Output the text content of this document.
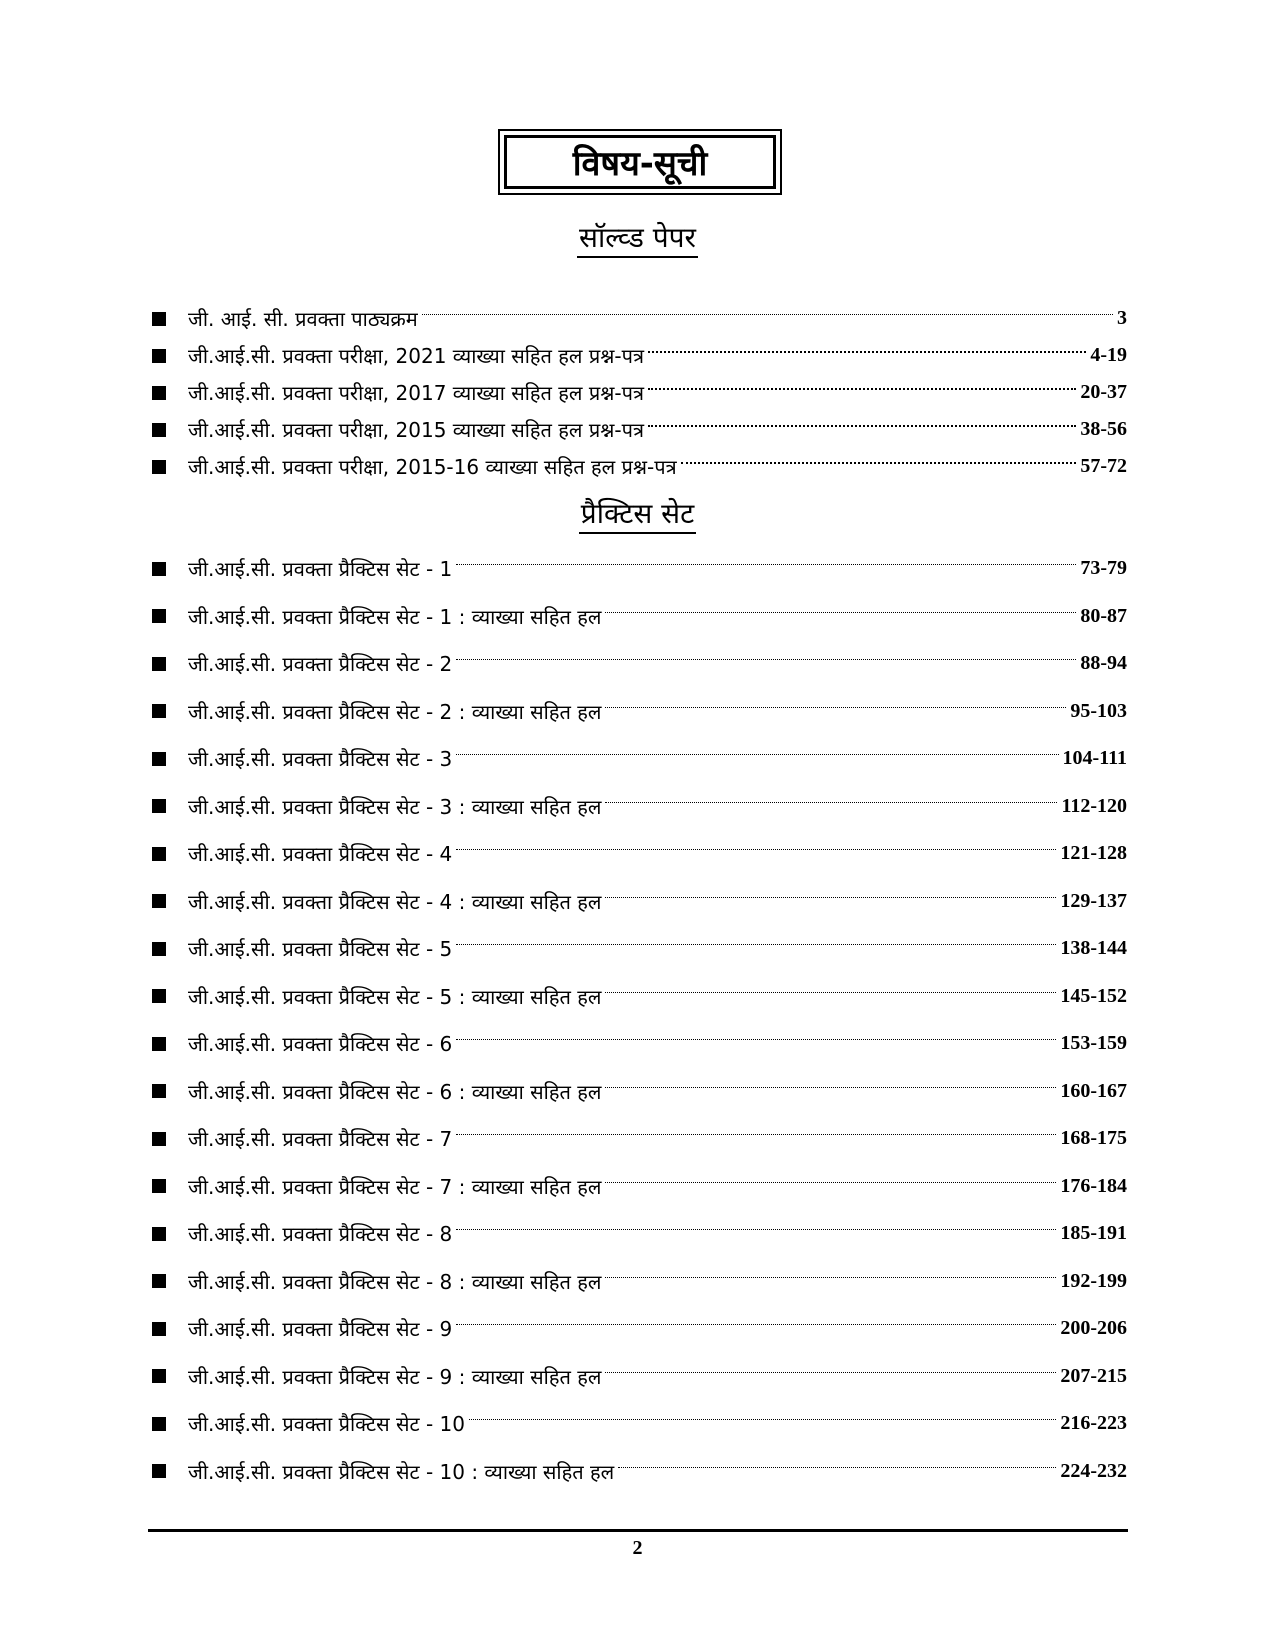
विषय-सूची
सॉल्व्ड पेपर
जी. आई. सी. प्रवक्ता पाठ्यक्रम	3
जी.आई.सी. प्रवक्ता परीक्षा, 2021 व्याख्या सहित हल प्रश्न-पत्र	4-19
जी.आई.सी. प्रवक्ता परीक्षा, 2017 व्याख्या सहित हल प्रश्न-पत्र	20-37
जी.आई.सी. प्रवक्ता परीक्षा, 2015 व्याख्या सहित हल प्रश्न-पत्र	38-56
जी.आई.सी. प्रवक्ता परीक्षा, 2015-16 व्याख्या सहित हल प्रश्न-पत्र	57-72
प्रैक्टिस सेट
जी.आई.सी. प्रवक्ता प्रैक्टिस सेट - 1	73-79
जी.आई.सी. प्रवक्ता प्रैक्टिस सेट - 1 : व्याख्या सहित हल	80-87
जी.आई.सी. प्रवक्ता प्रैक्टिस सेट - 2	88-94
जी.आई.सी. प्रवक्ता प्रैक्टिस सेट - 2 : व्याख्या सहित हल	95-103
जी.आई.सी. प्रवक्ता प्रैक्टिस सेट - 3	104-111
जी.आई.सी. प्रवक्ता प्रैक्टिस सेट - 3 : व्याख्या सहित हल	112-120
जी.आई.सी. प्रवक्ता प्रैक्टिस सेट - 4	121-128
जी.आई.सी. प्रवक्ता प्रैक्टिस सेट - 4 : व्याख्या सहित हल	129-137
जी.आई.सी. प्रवक्ता प्रैक्टिस सेट - 5	138-144
जी.आई.सी. प्रवक्ता प्रैक्टिस सेट - 5 : व्याख्या सहित हल	145-152
जी.आई.सी. प्रवक्ता प्रैक्टिस सेट - 6	153-159
जी.आई.सी. प्रवक्ता प्रैक्टिस सेट - 6 : व्याख्या सहित हल	160-167
जी.आई.सी. प्रवक्ता प्रैक्टिस सेट - 7	168-175
जी.आई.सी. प्रवक्ता प्रैक्टिस सेट - 7 : व्याख्या सहित हल	176-184
जी.आई.सी. प्रवक्ता प्रैक्टिस सेट - 8	185-191
जी.आई.सी. प्रवक्ता प्रैक्टिस सेट - 8 : व्याख्या सहित हल	192-199
जी.आई.सी. प्रवक्ता प्रैक्टिस सेट - 9	200-206
जी.आई.सी. प्रवक्ता प्रैक्टिस सेट - 9 : व्याख्या सहित हल	207-215
जी.आई.सी. प्रवक्ता प्रैक्टिस सेट - 10	216-223
जी.आई.सी. प्रवक्ता प्रैक्टिस सेट - 10 : व्याख्या सहित हल	224-232
2
